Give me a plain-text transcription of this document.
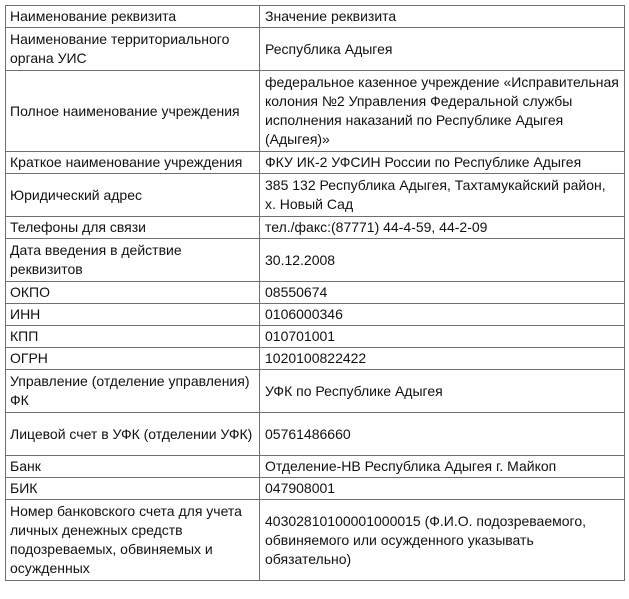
Наименование реквизита	Значение реквизита
Наименование территориального органа УИС	Республика Адыгея
Полное наименование учреждения	федеральное казенное учреждение «Исправительная колония №2 Управления Федеральной службы исполнения наказаний по Республике Адыгея (Адыгея)»
Краткое наименование учреждения	ФКУ ИК-2 УФСИН России по Республике Адыгея
Юридический адрес	385 132 Республика Адыгея, Тахтамукайский район, х. Новый Сад
Телефоны для связи	тел./факс:(87771) 44-4-59, 44-2-09
Дата введения в действие реквизитов	30.12.2008
ОКПО	08550674
ИНН	0106000346
КПП	010701001
ОГРН	1020100822422
Управление (отделение управления) ФК	УФК по Республике Адыгея
Лицевой счет в УФК (отделении УФК)	05761486660
Банк	Отделение-НВ Республика Адыгея г. Майкоп
БИК	047908001
Номер банковского счета для учета личных денежных средств подозреваемых, обвиняемых и осужденных	40302810100001000015 (Ф.И.О. подозреваемого, обвиняемого или осужденного указывать обязательно)
